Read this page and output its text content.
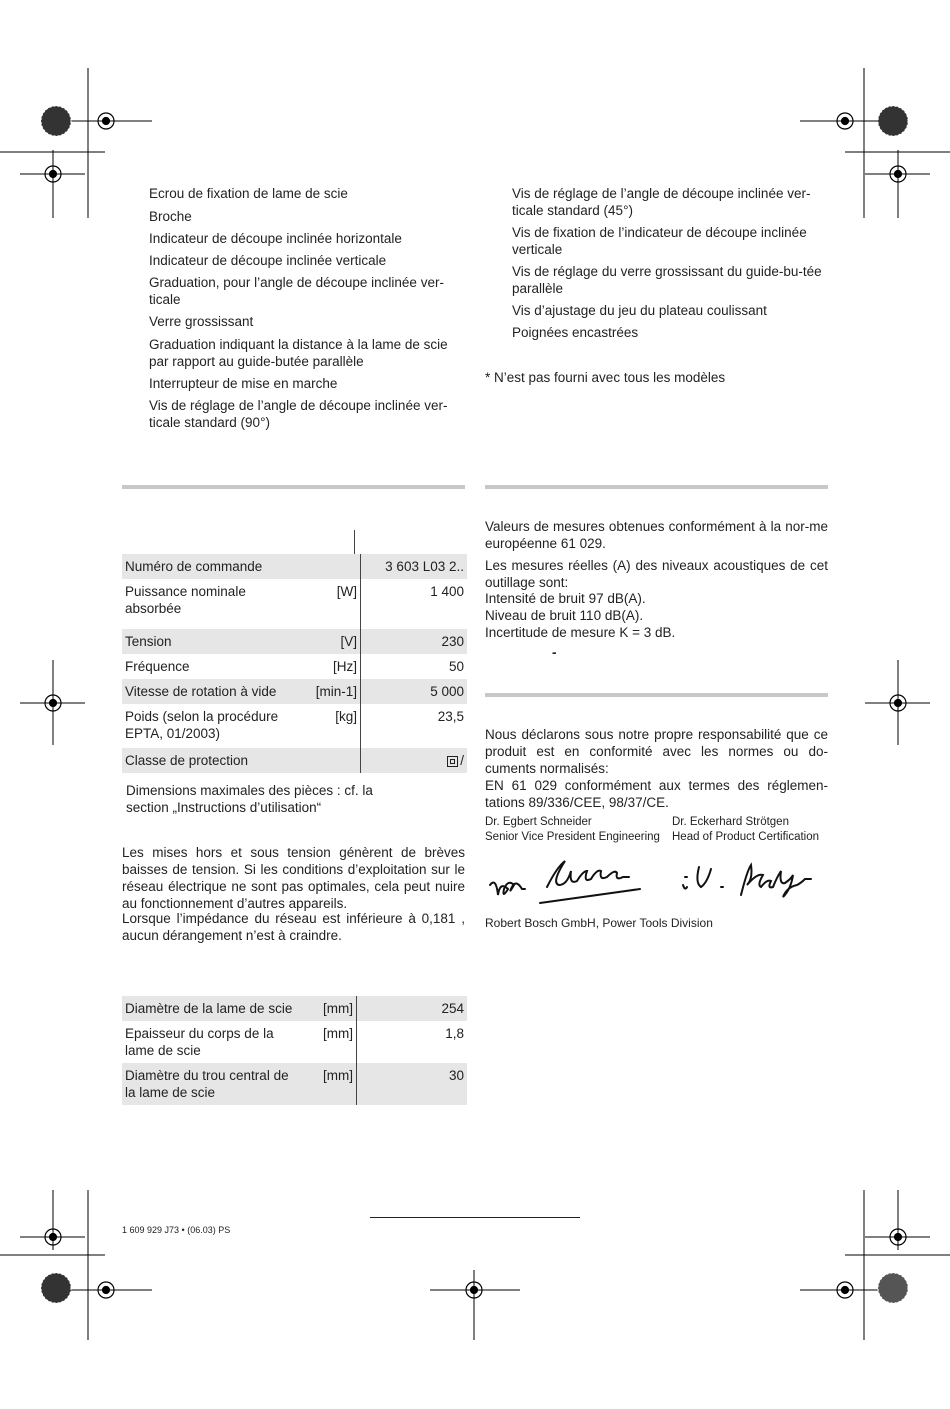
Ecrou de fixation de lame de scie
Broche
Indicateur de découpe inclinée horizontale
Indicateur de découpe inclinée verticale
Graduation, pour l’angle de découpe inclinée ver-ticale
Verre grossissant
Graduation indiquant la distance à la lame de scie par rapport au guide-butée parallèle
Interrupteur de mise en marche
Vis de réglage de l’angle de découpe inclinée ver-ticale standard (90°)
Vis de réglage de l’angle de découpe inclinée ver-ticale standard (45°)
Vis de fixation de l’indicateur de découpe inclinée verticale
Vis de réglage du verre grossissant du guide-bu-tée parallèle
Vis d’ajustage du jeu du plateau coulissant
Poignées encastrées
* N’est pas fourni avec tous les modèles
Numéro de commande		3 603 L03 2..
Puissance nominale absorbée	[W]	1 400
Tension	[V]	230
Fréquence	[Hz]	50
Vitesse de rotation à vide	[min-1]	5 000
Poids (selon la procédure EPTA, 01/2003)	[kg]	23,5
Classe de protection		/
Dimensions maximales des pièces : cf. la section „Instructions d’utilisation“
Les mises hors et sous tension génèrent de brèves baisses de tension. Si les conditions d’exploitation sur le réseau électrique ne sont pas optimales, cela peut nuire au fonctionnement d’autres appareils.
Lorsque l’impédance du réseau est inférieure à 0,181 , aucun dérangement n’est à craindre.
Diamètre de la lame de scie	[mm]	254
Epaisseur du corps de la lame de scie	[mm]	1,8
Diamètre du trou central de la lame de scie	[mm]	30
Valeurs de mesures obtenues conformément à la nor-me européenne 61 029.
Les mesures réelles (A) des niveaux acoustiques de cet outillage sont:
Intensité de bruit 97 dB(A).
Niveau de bruit 110 dB(A).
Incertitude de mesure K = 3 dB.
-
Nous déclarons sous notre propre responsabilité que ce produit est en conformité avec les normes ou do-cuments normalisés:
EN 61 029 conformément aux termes des réglemen-tations 89/336/CEE, 98/37/CE.
Dr. Egbert Schneider
Senior Vice President Engineering
Dr. Eckerhard Strötgen
Head of Product Certification
Robert Bosch GmbH, Power Tools Division
1 609 929 J73 • (06.03) PS
